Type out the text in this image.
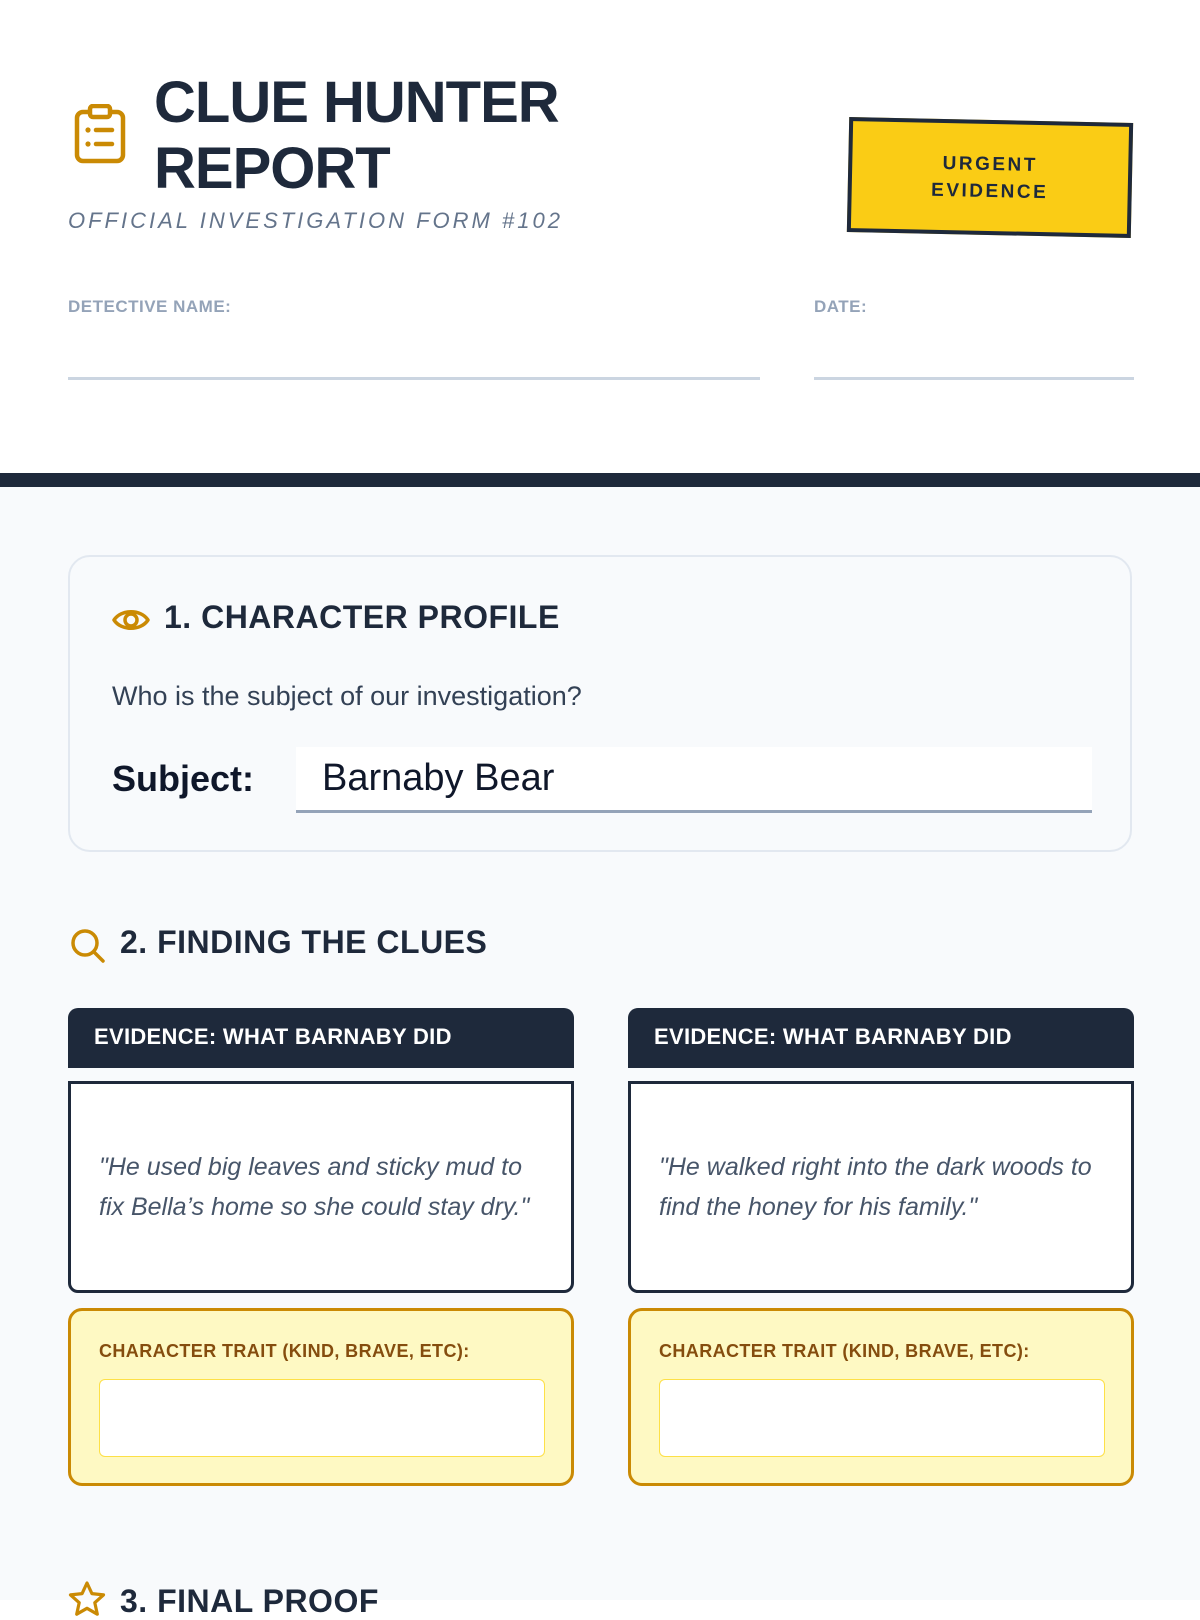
CLUE HUNTER
REPORT
OFFICIAL INVESTIGATION FORM #102
URGENT
EVIDENCE
DETECTIVE NAME:	DATE:
1. CHARACTER PROFILE
Who is the subject of our investigation?
Subject:
Barnaby Bear
2. FINDING THE CLUES
EVIDENCE: WHAT BARNABY DID
"He used big leaves and sticky mud to fix Bella’s home so she could stay dry."
CHARACTER TRAIT (KIND, BRAVE, ETC):
EVIDENCE: WHAT BARNABY DID
"He walked right into the dark woods to find the honey for his family."
CHARACTER TRAIT (KIND, BRAVE, ETC):
3. FINAL PROOF
